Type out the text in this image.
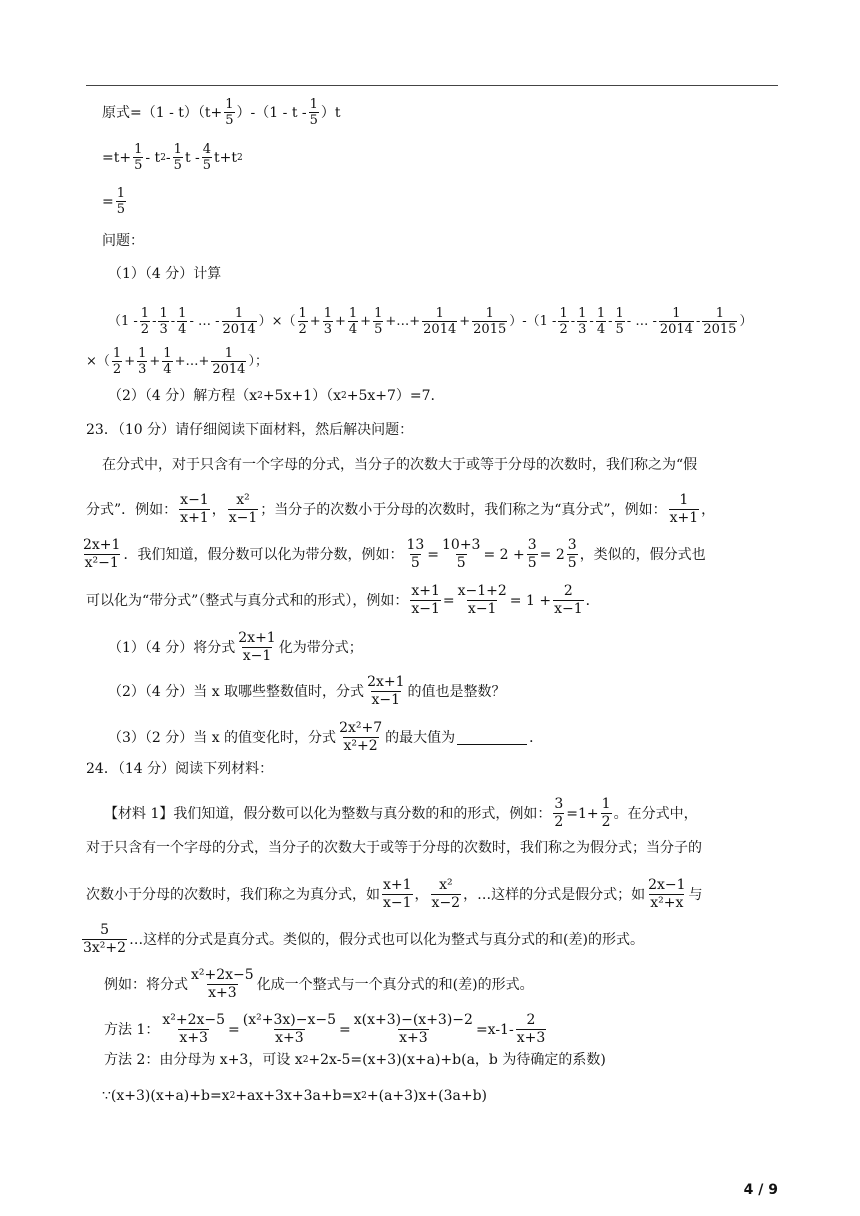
原式$=(1 - t)(t+ \frac{1}{5} )-(1 - t - \frac{1}{5} )t$
$=t+ \frac{1}{5} - t$ $2 - \frac{1}{5}$ $t - \frac{4}{5} t+t$ 2
= $\frac{1}{5}$
问题：
（1）（4 分）计算
（$1 - \frac{1}{2} - \frac{1}{3} - \frac{1}{4}$ - … - $\frac{1}{2014}$ ）×（ $\frac{1}{2} + \frac{1}{3} + \frac{1}{4} + \frac{1}{5}$ +…+ $\frac{1}{2014} + \frac{1}{2015} )-(1 - \frac{1}{2} - \frac{1}{3} - \frac{1}{4} - \frac{1}{5}$ - … - $\frac{1}{2014} - \frac{1}{2015}$ ）
×（ $\frac{1}{2} + \frac{1}{3} + \frac{1}{4}$ +…+ $\frac{1}{2014}$ ）；
（2）（4 分）解方程（x 2 +5x+1）（x 2 +5x+7）=7.
23．（10 分）请仔细阅读下面材料，然后解决问题：
在分式中，对于只含有一个字母的分式，当分子的次数大于或等于分母的次数时，我们称之为“假
分式”．例如： $\frac{x-1}{x+1}$ ， $\frac{\text{x²}}{x-1}$ ；当分子的次数小于分母的次数时，我们称之为“真分式”，例如： $\frac{1}{x+1}$ ，
$\frac{2x+1}{\text{x²−1}}$ ．我们知道，假分数可以化为带分数，例如： $\frac{13}{5} = \frac{10+3}{5} = 2 + \frac{3}{5} = 2 \frac{3}{5}$ ，类似的，假分式也
可以化为“带分式”（整式与真分式和的形式），例如： $\frac{x+1}{x-1} = \frac{x-1+2}{x-1} = 1 + \frac{2}{x-1}$ ．
（1）（4 分）将分式 $\frac{2x+1}{x-1}$ 化为带分式；
（2）（4 分）当 x 取哪些整数值时，分式 $\frac{2x+1}{x-1}$ 的值也是整数？
（3）（2 分）当 x 的值变化时，分式 $\frac{\text{2x²+7}}{\text{x²+2}}$ 的最大值为	．
24．（14 分）阅读下列材料：
【材料 1】我们知道，假分数可以化为整数与真分数的和的形式，例如： $\frac{3}{2} =1+ \frac{1}{2}$ 。在分式中，
对于只含有一个字母的分式，当分子的次数大于或等于分母的次数时，我们称之为假分式；当分子的
次数小于分母的次数时，我们称之为真分式，如 $\frac{x+1}{x-1}$ ， $\frac{\text{x²}}{x-2}$ ，…这样的分式是假分式；如 $\frac{2x-1}{\text{x²+x}}$ 与
$\frac{5}{\text{3x²+2}}$ …这样的分式是真分式。类似的，假分式也可以化为整式与真分式的和(差)的形式。
例如：将分式 $\frac{\text{x²+2x−5}}{x+3}$ 化成一个整式与一个真分式的和(差)的形式。
方法 1： $\frac{\text{x²+2x−5}}{x+3} = \frac{\text{(x²+3x)−x−5}}{x+3} = \frac{x(x+3)-(x+3)-2}{x+3} =x-1- \frac{2}{x+3}$
方法 2：由分母为 x+3，可设 x 2 +2x-5=(x+3)(x+a)+b(a，b 为待确定的系数)
∵(x+3)(x+a)+b=x 2 +ax+3x+3a+b=x 2 +(a+3)x+(3a+b)
4 / 9
